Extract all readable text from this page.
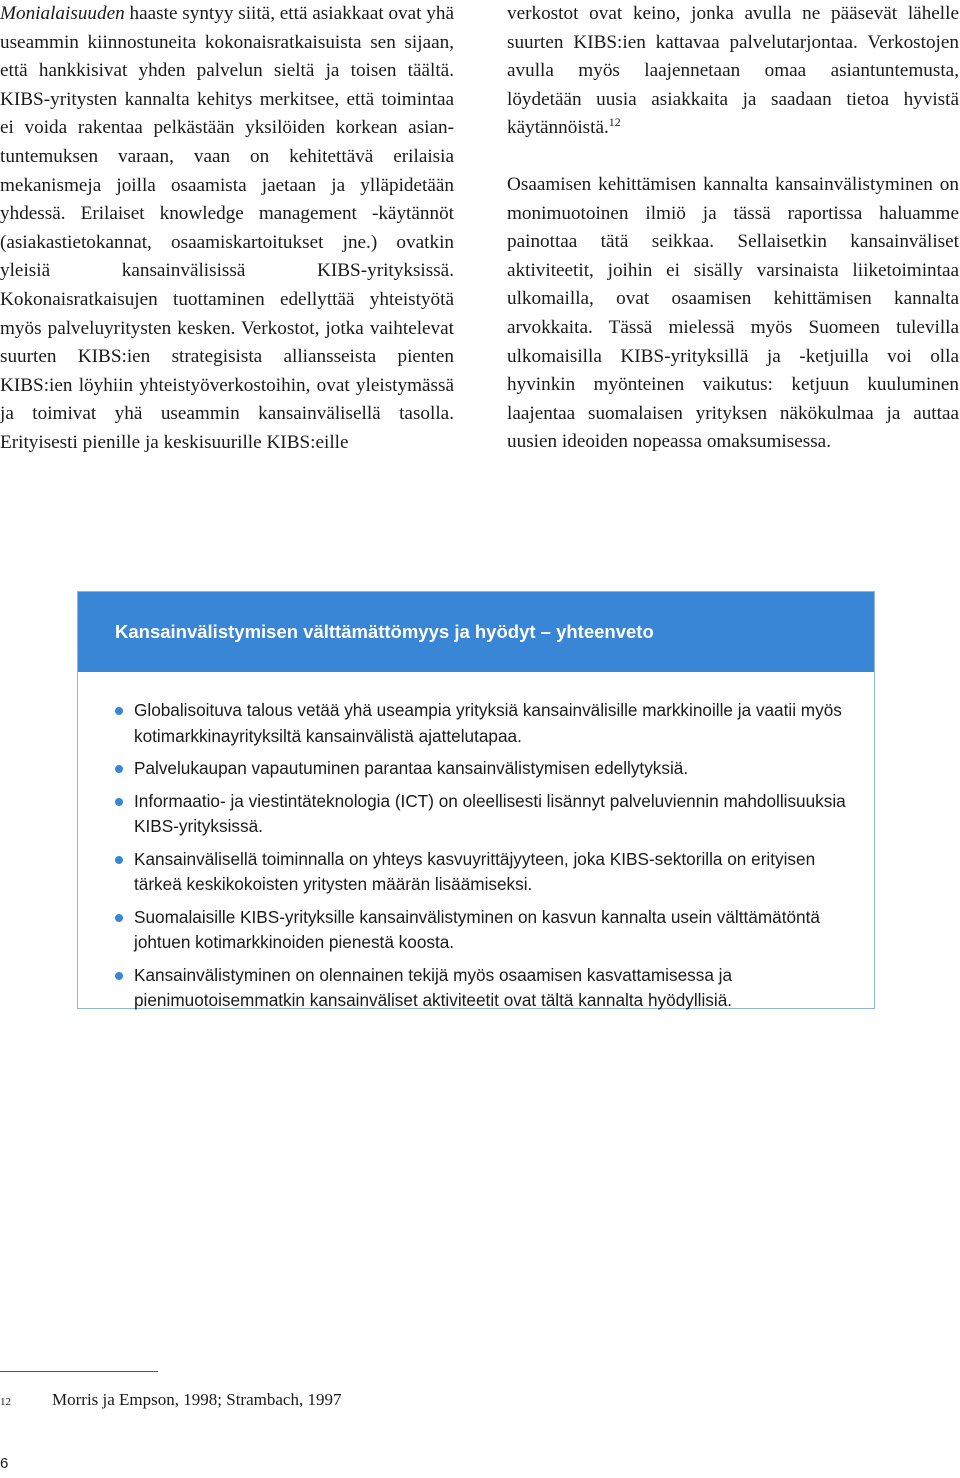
Monialaisuuden haaste syntyy siitä, että asiakkaat ovat yhä useammin kiinnostuneita kokonaisratkaisuista sen sijaan, että hankkisivat yhden palvelun sieltä ja toisen täältä. KIBS-yritysten kannalta kehitys merkitsee, että toimintaa ei voida rakentaa pelkästään yksilöiden korkean asiantuntemuksen varaan, vaan on kehitettävä erilaisia mekanismeja joilla osaamista jaetaan ja ylläpidetään yhdessä. Erilaiset knowledge management -käytännöt (asiakastietokannat, osaamiskartoitukset jne.) ovatkin yleisiä kansainvälisissä KIBS-yrityksissä. Kokonaisratkaisujen tuottaminen edellyttää yhteistyötä myös palveluyritysten kesken. Verkostot, jotka vaihtelevat suurten KIBS:ien strategisista alliansseista pienten KIBS:ien löyhiin yhteistyöverkostoihin, ovat yleistymässä ja toimivat yhä useammin kansainvälisellä tasolla. Erityisesti pienille ja keskisuurille KIBS:eille

verkostot ovat keino, jonka avulla ne pääsevät lähelle suurten KIBS:ien kattavaa palvelutarjontaa. Verkostojen avulla myös laajennetaan omaa asiantuntemusta, löydetään uusia asiakkaita ja saadaan tietoa hyvistä käytännöistä.$^{12}$

Osaamisen kehittämisen kannalta kansainvälistyminen on monimuotoinen ilmiö ja tässä raportissa haluamme painottaa tätä seikkaa. Sellaisetkin kansainväliset aktiviteetit, joihin ei sisälly varsinaista liiketoimintaa ulkomailla, ovat osaamisen kehittämisen kannalta arvokkaita. Tässä mielessä myös Suomeen tulevilla ulkomaisilla KIBS-yrityksillä ja -ketjuilla voi olla hyvinkin myönteinen vaikutus: ketjuun kuuluminen laajentaa suomalaisen yrityksen näkökulmaa ja auttaa uusien ideoiden nopeassa omaksumisessa.

Kansainvälistymisen välttämättömyys ja hyödyt – yhteenveto
Globalisoituva talous vetää yhä useampia yrityksiä kansainvälisille markkinoille ja vaatii myös kotimarkkinayrityksiltä kansainvälistä ajattelutapaa.
Palvelukaupan vapautuminen parantaa kansainvälistymisen edellytyksiä.
Informaatio- ja viestintäteknologia (ICT) on oleellisesti lisännyt palveluviennin mahdollisuuksia KIBS-yrityksissä.
Kansainvälisellä toiminnalla on yhteys kasvuyrittäjyyteen, joka KIBS-sektorilla on erityisen tärkeä keskikokoisten yritysten määrän lisäämiseksi.
Suomalaisille KIBS-yrityksille kansainvälistyminen on kasvun kannalta usein välttämätöntä johtuen kotimarkkinoiden pienestä koosta.
Kansainvälistyminen on olennainen tekijä myös osaamisen kasvattamisessa ja pienimuotoisemmatkin kansainväliset aktiviteetit ovat tältä kannalta hyödyllisiä.
12	Morris ja Empson, 1998; Strambach, 1997
6
